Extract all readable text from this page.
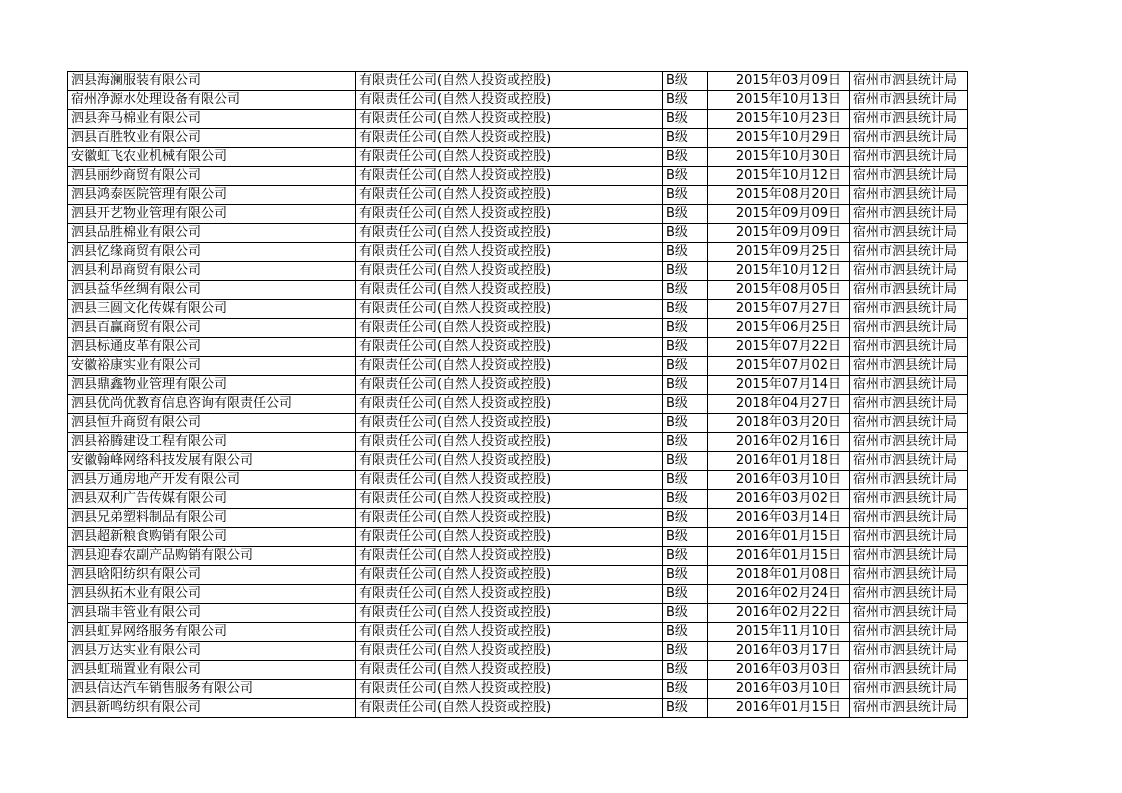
泗县海澜服装有限公司	有限责任公司(自然人投资或控股)	B级	2015年03月09日	宿州市泗县统计局
宿州净源水处理设备有限公司	有限责任公司(自然人投资或控股)	B级	2015年10月13日	宿州市泗县统计局
泗县奔马棉业有限公司	有限责任公司(自然人投资或控股)	B级	2015年10月23日	宿州市泗县统计局
泗县百胜牧业有限公司	有限责任公司(自然人投资或控股)	B级	2015年10月29日	宿州市泗县统计局
安徽虹飞农业机械有限公司	有限责任公司(自然人投资或控股)	B级	2015年10月30日	宿州市泗县统计局
泗县丽纱商贸有限公司	有限责任公司(自然人投资或控股)	B级	2015年10月12日	宿州市泗县统计局
泗县鸿泰医院管理有限公司	有限责任公司(自然人投资或控股)	B级	2015年08月20日	宿州市泗县统计局
泗县开艺物业管理有限公司	有限责任公司(自然人投资或控股)	B级	2015年09月09日	宿州市泗县统计局
泗县品胜棉业有限公司	有限责任公司(自然人投资或控股)	B级	2015年09月09日	宿州市泗县统计局
泗县忆缘商贸有限公司	有限责任公司(自然人投资或控股)	B级	2015年09月25日	宿州市泗县统计局
泗县利昂商贸有限公司	有限责任公司(自然人投资或控股)	B级	2015年10月12日	宿州市泗县统计局
泗县益华丝绸有限公司	有限责任公司(自然人投资或控股)	B级	2015年08月05日	宿州市泗县统计局
泗县三圆文化传媒有限公司	有限责任公司(自然人投资或控股)	B级	2015年07月27日	宿州市泗县统计局
泗县百赢商贸有限公司	有限责任公司(自然人投资或控股)	B级	2015年06月25日	宿州市泗县统计局
泗县标通皮革有限公司	有限责任公司(自然人投资或控股)	B级	2015年07月22日	宿州市泗县统计局
安徽裕康实业有限公司	有限责任公司(自然人投资或控股)	B级	2015年07月02日	宿州市泗县统计局
泗县鼎鑫物业管理有限公司	有限责任公司(自然人投资或控股)	B级	2015年07月14日	宿州市泗县统计局
泗县优尚优教育信息咨询有限责任公司	有限责任公司(自然人投资或控股)	B级	2018年04月27日	宿州市泗县统计局
泗县恒升商贸有限公司	有限责任公司(自然人投资或控股)	B级	2018年03月20日	宿州市泗县统计局
泗县裕腾建设工程有限公司	有限责任公司(自然人投资或控股)	B级	2016年02月16日	宿州市泗县统计局
安徽翰峰网络科技发展有限公司	有限责任公司(自然人投资或控股)	B级	2016年01月18日	宿州市泗县统计局
泗县万通房地产开发有限公司	有限责任公司(自然人投资或控股)	B级	2016年03月10日	宿州市泗县统计局
泗县双利广告传媒有限公司	有限责任公司(自然人投资或控股)	B级	2016年03月02日	宿州市泗县统计局
泗县兄弟塑料制品有限公司	有限责任公司(自然人投资或控股)	B级	2016年03月14日	宿州市泗县统计局
泗县超新粮食购销有限公司	有限责任公司(自然人投资或控股)	B级	2016年01月15日	宿州市泗县统计局
泗县迎春农副产品购销有限公司	有限责任公司(自然人投资或控股)	B级	2016年01月15日	宿州市泗县统计局
泗县晗阳纺织有限公司	有限责任公司(自然人投资或控股)	B级	2018年01月08日	宿州市泗县统计局
泗县纵拓木业有限公司	有限责任公司(自然人投资或控股)	B级	2016年02月24日	宿州市泗县统计局
泗县瑞丰管业有限公司	有限责任公司(自然人投资或控股)	B级	2016年02月22日	宿州市泗县统计局
泗县虹昇网络服务有限公司	有限责任公司(自然人投资或控股)	B级	2015年11月10日	宿州市泗县统计局
泗县万达实业有限公司	有限责任公司(自然人投资或控股)	B级	2016年03月17日	宿州市泗县统计局
泗县虹瑞置业有限公司	有限责任公司(自然人投资或控股)	B级	2016年03月03日	宿州市泗县统计局
泗县信达汽车销售服务有限公司	有限责任公司(自然人投资或控股)	B级	2016年03月10日	宿州市泗县统计局
泗县新鸣纺织有限公司	有限责任公司(自然人投资或控股)	B级	2016年01月15日	宿州市泗县统计局
